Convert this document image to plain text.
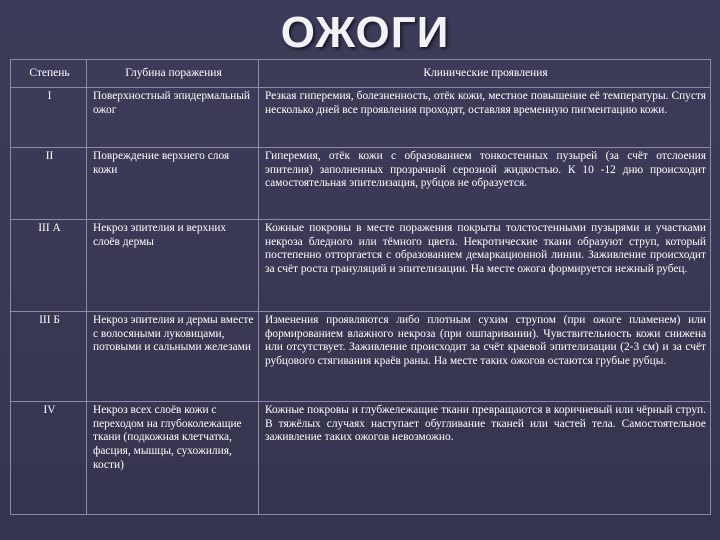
ОЖОГИ
Степень	Глубина поражения	Клинические проявления
I	Поверхностный эпидермальный ожог	Резкая гиперемия, болезненность, отёк кожи, местное повышение её температуры. Спустя несколько дней все проявления проходят, оставляя временную пигментацию кожи.
II	Повреждение верхнего слоя кожи	Гиперемия, отёк кожи с образованием тонкостенных пузырей (за счёт отслоения эпителия) заполненных прозрачной серозной жидкостью. К 10 -12 дню происходит самостоятельная эпителизация, рубцов не образуется.
III А	Некроз эпителия и верхних слоёв дермы	Кожные покровы в месте поражения покрыты толстостенными пузырями и участками некроза бледного или тёмного цвета. Некротические ткани образуют струп, который постепенно отторгается с образованием демаркационной линии. Заживление происходит за счёт роста грануляций и эпителизации. На месте ожога формируется нежный рубец.
III Б	Некроз эпителия и дермы вместе с волосяными луковицами, потовыми и сальными железами	Изменения проявляются либо плотным сухим струпом (при ожоге пламенем) или формированием влажного некроза (при ошпаривании). Чувствительность кожи снижена или отсутствует. Заживление происходит за счёт краевой эпителизации (2-3 см) и за счёт рубцового стягивания краёв раны. На месте таких ожогов остаются грубые рубцы.
IV	Некроз всех слоёв кожи с переходом на глубоколежащие ткани (подкожная клетчатка, фасция, мышцы, сухожилия, кости)	Кожные покровы и глубжележащие ткани превращаются в коричневый или чёрный струп. В тяжёлых случаях наступает обугливание тканей или частей тела. Самостоятельное заживление таких ожогов невозможно.
